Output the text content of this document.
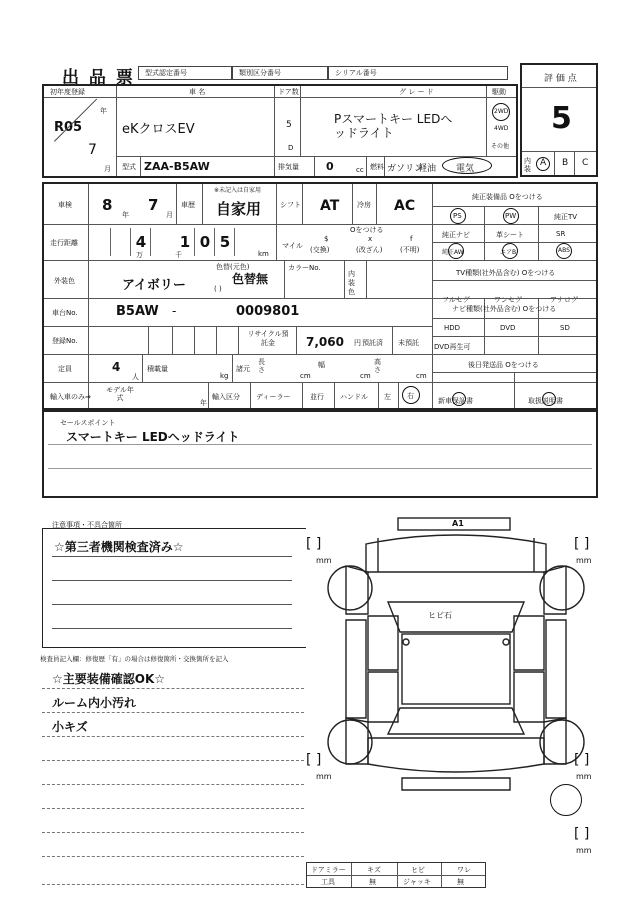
出 品 票 型式認定番号	類別区分番号	シリアル番号
評 価 点
5
内装
A B C
初年度登録
R05
年
7
月
車 名
eKクロスEV
型式 ZAA-B5AW
ドア数
5
D
排気量
グ レ ー ド
Pスマートキー LEDへ
ッドライト
0	cc 燃料 ガソリン
軽油 電気
駆動
2WD
4WD
その他
車検 8
年
7
月
車歴
※未記入は自家用
自家用	シフト AT	冷房 AC
走行距離	4	1 0 5
万	千	km
マイル
Oをつける
$
(交換)
x
(改ざん)
f
(不明)
外装色	アイボリー
色替(元色)
色替無
( )
カラーNo.
内装色
車台No.	B5AW -	0009801
登録No.
リサイクル預託金	7,060 円 預託済 未預託
定員	4
人
積載量
kg
諸元
長さ
cm
幅
cm
高さ
cm
輸入車のみ⇒
モデル年式
年
輸入区分 ディーラー	並行 ハンドル 左 右
純正装備品 Oをつける
PS	PW	純正TV
純正ナビ	革シート	SR
純正AW	エアB	ABS
TV種類(社外品含む) Oをつける
フルセグ	ワンセグ	アナログ
ナビ種類(社外品含む) Oをつける
HDD	DVD	SD
DVD再生可
後日発送品 Oをつける
新車保証書	取扱説明書
セールスポイント
スマートキー LEDヘッドライト
注意事項・不具合箇所
☆第三者機関検査済み☆
検査員記入欄：修復歴「有」の場合は修復箇所・交換箇所を記入
☆主要装備確認OK☆
ルーム内小汚れ
小キズ
A1
ヒビ石
[ ]
mm
[ ]
mm
[ ]
mm
[ ]
mm
[ ]
mm
ドアミラー	キズ	ヒビ	ワレ
工具	無	ジャッキ	無
